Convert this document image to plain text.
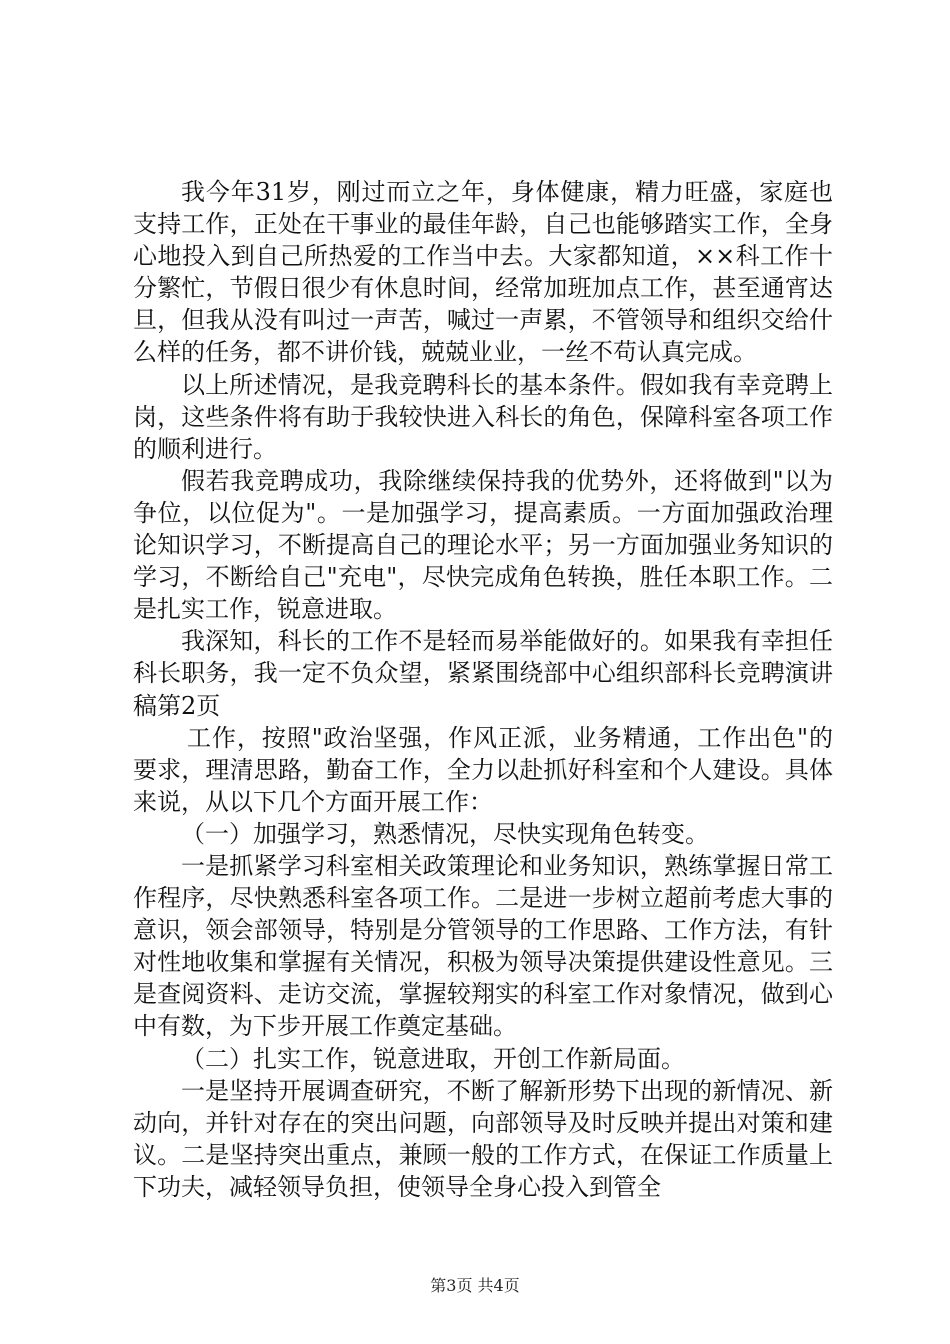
我今年31岁，刚过而立之年，身体健康，精力旺盛，家庭也支持工作，正处在干事业的最佳年龄，自己也能够踏实工作，全身心地投入到自己所热爱的工作当中去。大家都知道，××科工作十分繁忙，节假日很少有休息时间，经常加班加点工作，甚至通宵达旦，但我从没有叫过一声苦，喊过一声累，不管领导和组织交给什么样的任务，都不讲价钱，兢兢业业，一丝不苟认真完成。

以上所述情况，是我竞聘科长的基本条件。假如我有幸竞聘上岗，这些条件将有助于我较快进入科长的角色，保障科室各项工作的顺利进行。

假若我竞聘成功，我除继续保持我的优势外，还将做到"以为争位，以位促为"。一是加强学习，提高素质。一方面加强政治理论知识学习，不断提高自己的理论水平；另一方面加强业务知识的学习，不断给自己"充电"，尽快完成角色转换，胜任本职工作。二是扎实工作，锐意进取。

我深知，科长的工作不是轻而易举能做好的。如果我有幸担任科长职务，我一定不负众望，紧紧围绕部中心组织部科长竞聘演讲稿第2页

工作，按照"政治坚强，作风正派，业务精通，工作出色"的要求，理清思路，勤奋工作，全力以赴抓好科室和个人建设。具体来说，从以下几个方面开展工作：

（一）加强学习，熟悉情况，尽快实现角色转变。

一是抓紧学习科室相关政策理论和业务知识，熟练掌握日常工作程序，尽快熟悉科室各项工作。二是进一步树立超前考虑大事的意识，领会部领导，特别是分管领导的工作思路、工作方法，有针对性地收集和掌握有关情况，积极为领导决策提供建设性意见。三是查阅资料、走访交流，掌握较翔实的科室工作对象情况，做到心中有数，为下步开展工作奠定基础。

（二）扎实工作，锐意进取，开创工作新局面。

一是坚持开展调查研究，不断了解新形势下出现的新情况、新动向，并针对存在的突出问题，向部领导及时反映并提出对策和建议。二是坚持突出重点，兼顾一般的工作方式，在保证工作质量上下功夫，减轻领导负担，使领导全身心投入到管全

第3页 共4页
